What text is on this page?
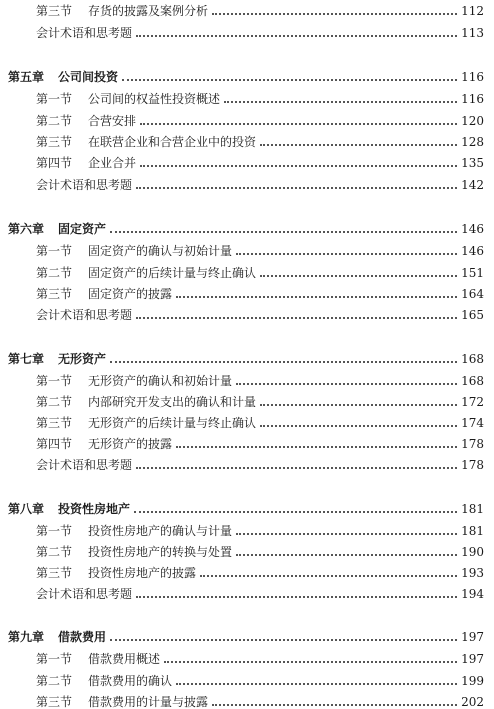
第三节 存货的披露及案例分析	112
会计术语和思考题	113
第五章 公司间投资	116
第一节 公司间的权益性投资概述	116
第二节 合营安排	120
第三节 在联营企业和合营企业中的投资	128
第四节 企业合并	135
会计术语和思考题	142
第六章 固定资产	146
第一节 固定资产的确认与初始计量	146
第二节 固定资产的后续计量与终止确认	151
第三节 固定资产的披露	164
会计术语和思考题	165
第七章 无形资产	168
第一节 无形资产的确认和初始计量	168
第二节 内部研究开发支出的确认和计量	172
第三节 无形资产的后续计量与终止确认	174
第四节 无形资产的披露	178
会计术语和思考题	178
第八章 投资性房地产	181
第一节 投资性房地产的确认与计量	181
第二节 投资性房地产的转换与处置	190
第三节 投资性房地产的披露	193
会计术语和思考题	194
第九章 借款费用	197
第一节 借款费用概述	197
第二节 借款费用的确认	199
第三节 借款费用的计量与披露	202
